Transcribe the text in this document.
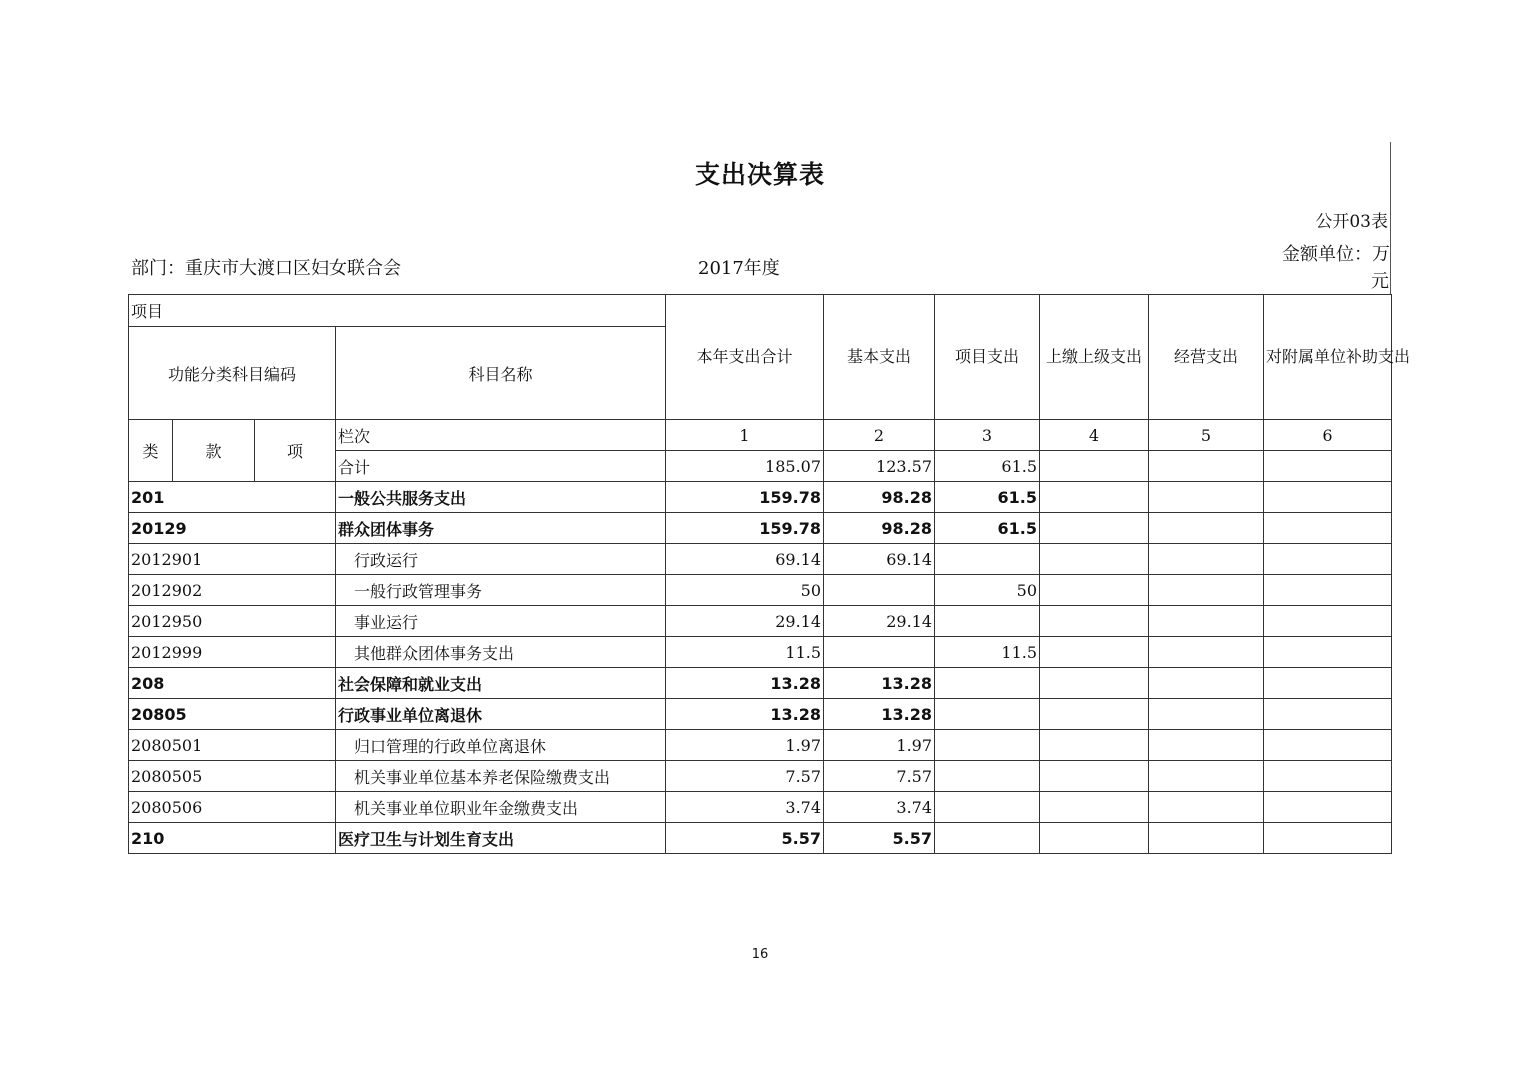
支出决算表
公开03表
金额单位：万
元
部门：重庆市大渡口区妇女联合会	2017年度
项目				本年支出合计	基本支出	项目支出	上缴上级支出	经营支出	对附属单位补助支出
功能分类科目编码			科目名称						
类	款	项	栏次	1	2	3	4	5	6
			合计	185.07	123.57	61.5			
201			一般公共服务支出	159.78	98.28	61.5			
20129			群众团体事务	159.78	98.28	61.5			
2012901			行政运行	69.14	69.14				
2012902			一般行政管理事务	50		50			
2012950			事业运行	29.14	29.14				
2012999			其他群众团体事务支出	11.5		11.5			
208			社会保障和就业支出	13.28	13.28				
20805			行政事业单位离退休	13.28	13.28				
2080501			归口管理的行政单位离退休	1.97	1.97				
2080505			机关事业单位基本养老保险缴费支出	7.57	7.57				
2080506			机关事业单位职业年金缴费支出	3.74	3.74				
210			医疗卫生与计划生育支出	5.57	5.57				
16
